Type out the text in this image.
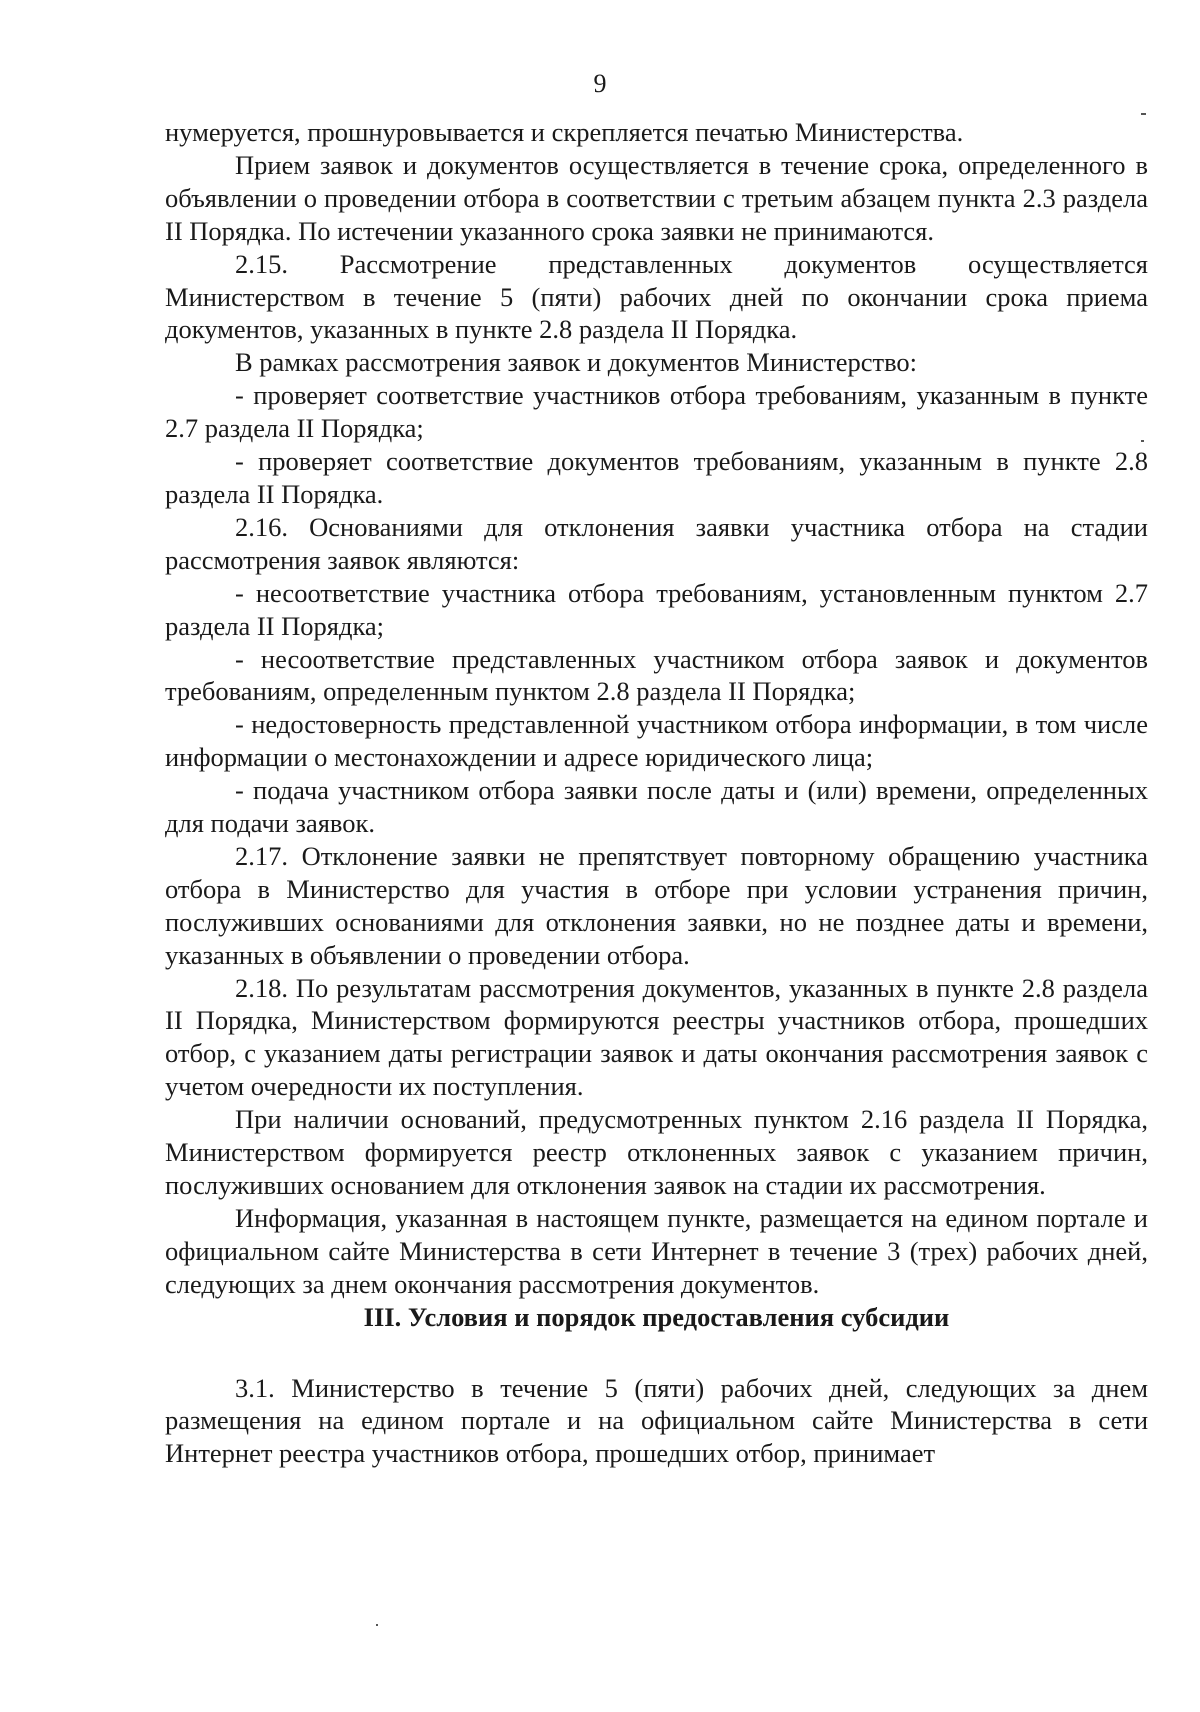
9

нумеруется, прошнуровывается и скрепляется печатью Министерства.

Прием заявок и документов осуществляется в течение срока, определенного в объявлении о проведении отбора в соответствии с третьим абзацем пункта 2.3 раздела II Порядка. По истечении указанного срока заявки не принимаются.

2.15. Рассмотрение представленных документов осуществляется Министерством в течение 5 (пяти) рабочих дней по окончании срока приема документов, указанных в пункте 2.8 раздела II Порядка.

В рамках рассмотрения заявок и документов Министерство:

- проверяет соответствие участников отбора требованиям, указанным в пункте 2.7 раздела II Порядка;

- проверяет соответствие документов требованиям, указанным в пункте 2.8 раздела II Порядка.

2.16. Основаниями для отклонения заявки участника отбора на стадии рассмотрения заявок являются:

- несоответствие участника отбора требованиям, установленным пунктом 2.7 раздела II Порядка;

- несоответствие представленных участником отбора заявок и документов требованиям, определенным пунктом 2.8 раздела II Порядка;

- недостоверность представленной участником отбора информации, в том числе информации о местонахождении и адресе юридического лица;

- подача участником отбора заявки после даты и (или) времени, определенных для подачи заявок.

2.17. Отклонение заявки не препятствует повторному обращению участника отбора в Министерство для участия в отборе при условии устранения причин, послуживших основаниями для отклонения заявки, но не позднее даты и времени, указанных в объявлении о проведении отбора.

2.18. По результатам рассмотрения документов, указанных в пункте 2.8 раздела II Порядка, Министерством формируются реестры участников отбора, прошедших отбор, с указанием даты регистрации заявок и даты окончания рассмотрения заявок с учетом очередности их поступления.

При наличии оснований, предусмотренных пунктом 2.16 раздела II Порядка, Министерством формируется реестр отклоненных заявок с указанием причин, послуживших основанием для отклонения заявок на стадии их рассмотрения.

Информация, указанная в настоящем пункте, размещается на едином портале и официальном сайте Министерства в сети Интернет в течение 3 (трех) рабочих дней, следующих за днем окончания рассмотрения документов.

III. Условия и порядок предоставления субсидии

3.1. Министерство в течение 5 (пяти) рабочих дней, следующих за днем размещения на едином портале и на официальном сайте Министерства в сети Интернет реестра участников отбора, прошедших отбор, принимает
